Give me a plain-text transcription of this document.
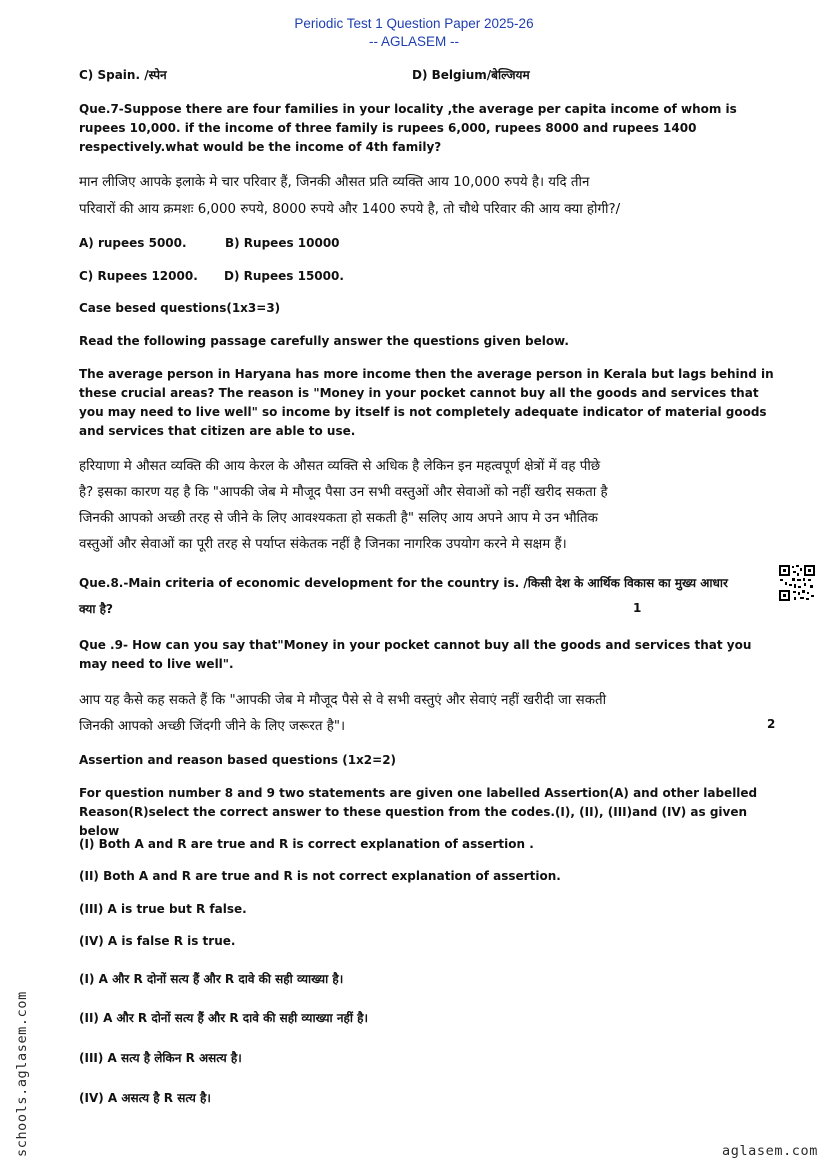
Periodic Test 1 Question Paper 2025-26
-- AGLASEM --
C) Spain. /स्पेन	D) Belgium/बेल्जियम
Que.7-Suppose there are four families in your locality ,the average per capita income of whom is rupees 10,000. if the income of three family is rupees 6,000, rupees 8000 and rupees 1400 respectively.what would be the income of 4th family?
मान लीजिए आपके इलाके मे चार परिवार हैं, जिनकी औसत प्रति व्यक्ति आय 10,000 रुपये है। यदि तीन
परिवारों की आय क्रमशः 6,000 रुपये, 8000 रुपये और 1400 रुपये है, तो चौथे परिवार की आय क्या होगी?/
A) rupees 5000.	B) Rupees 10000
C) Rupees 12000. D) Rupees 15000.
Case besed questions(1x3=3)
Read the following passage carefully answer the questions given below.
The average person in Haryana has more income then the average person in Kerala but lags behind in these crucial areas? The reason is "Money in your pocket cannot buy all the goods and services that you may need to live well" so income by itself is not completely adequate indicator of material goods and services that citizen are able to use.
हरियाणा मे औसत व्यक्ति की आय केरल के औसत व्यक्ति से अधिक है लेकिन इन महत्वपूर्ण क्षेत्रों में वह पीछे
है? इसका कारण यह है कि "आपकी जेब मे मौजूद पैसा उन सभी वस्तुओं और सेवाओं को नहीं खरीद सकता है
जिनकी आपको अच्छी तरह से जीने के लिए आवश्यकता हो सकती है" सलिए आय अपने आप मे उन भौतिक
वस्तुओं और सेवाओं का पूरी तरह से पर्याप्त संकेतक नहीं है जिनका नागरिक उपयोग करने मे सक्षम हैं।
Que.8.-Main criteria of economic development for the country is. /किसी देश के आर्थिक विकास का मुख्य आधार
क्या है?	1
Que .9- How can you say that"Money in your pocket cannot buy all the goods and services that you may need to live well".
आप यह कैसे कह सकते हैं कि "आपकी जेब मे मौजूद पैसे से वे सभी वस्तुएं और सेवाएं नहीं खरीदी जा सकती
जिनकी आपको अच्छी जिंदगी जीने के लिए जरूरत है"।	2
Assertion and reason based questions (1x2=2)
For question number 8 and 9 two statements are given one labelled Assertion(A) and other labelled Reason(R)select the correct answer to these question from the codes.(I), (II), (III)and (IV) as given below
(I) Both A and R are true and R is correct explanation of assertion .
(II) Both A and R are true and R is not correct explanation of assertion.
(III) A is true but R false.
(IV) A is false R is true.
(I) A और R दोनों सत्य हैं और R दावे की सही व्याख्या है।
(II) A और R दोनों सत्य हैं और R दावे की सही व्याख्या नहीं है।
(III) A सत्य है लेकिन R असत्य है।
(IV) A असत्य है R सत्य है।
schools.aglasem.com	aglasem.com
